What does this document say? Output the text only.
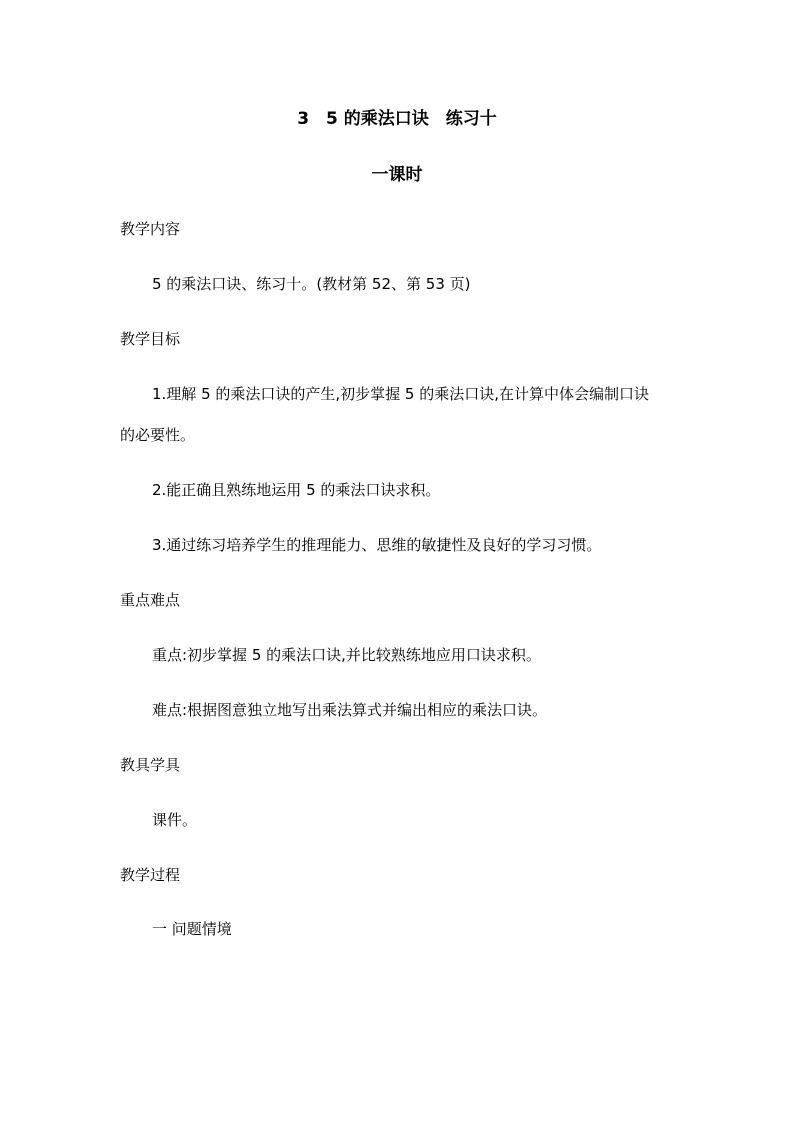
3　5 的乘法口诀　练习十
一课时
教学内容
5 的乘法口诀、练习十。(教材第 52、第 53 页)
教学目标
1.理解 5 的乘法口诀的产生,初步掌握 5 的乘法口诀,在计算中体会编制口诀
的必要性。
2.能正确且熟练地运用 5 的乘法口诀求积。
3.通过练习培养学生的推理能力、思维的敏捷性及良好的学习习惯。
重点难点
重点:初步掌握 5 的乘法口诀,并比较熟练地应用口诀求积。
难点:根据图意独立地写出乘法算式并编出相应的乘法口诀。
教具学具
课件。
教学过程
一 问题情境
